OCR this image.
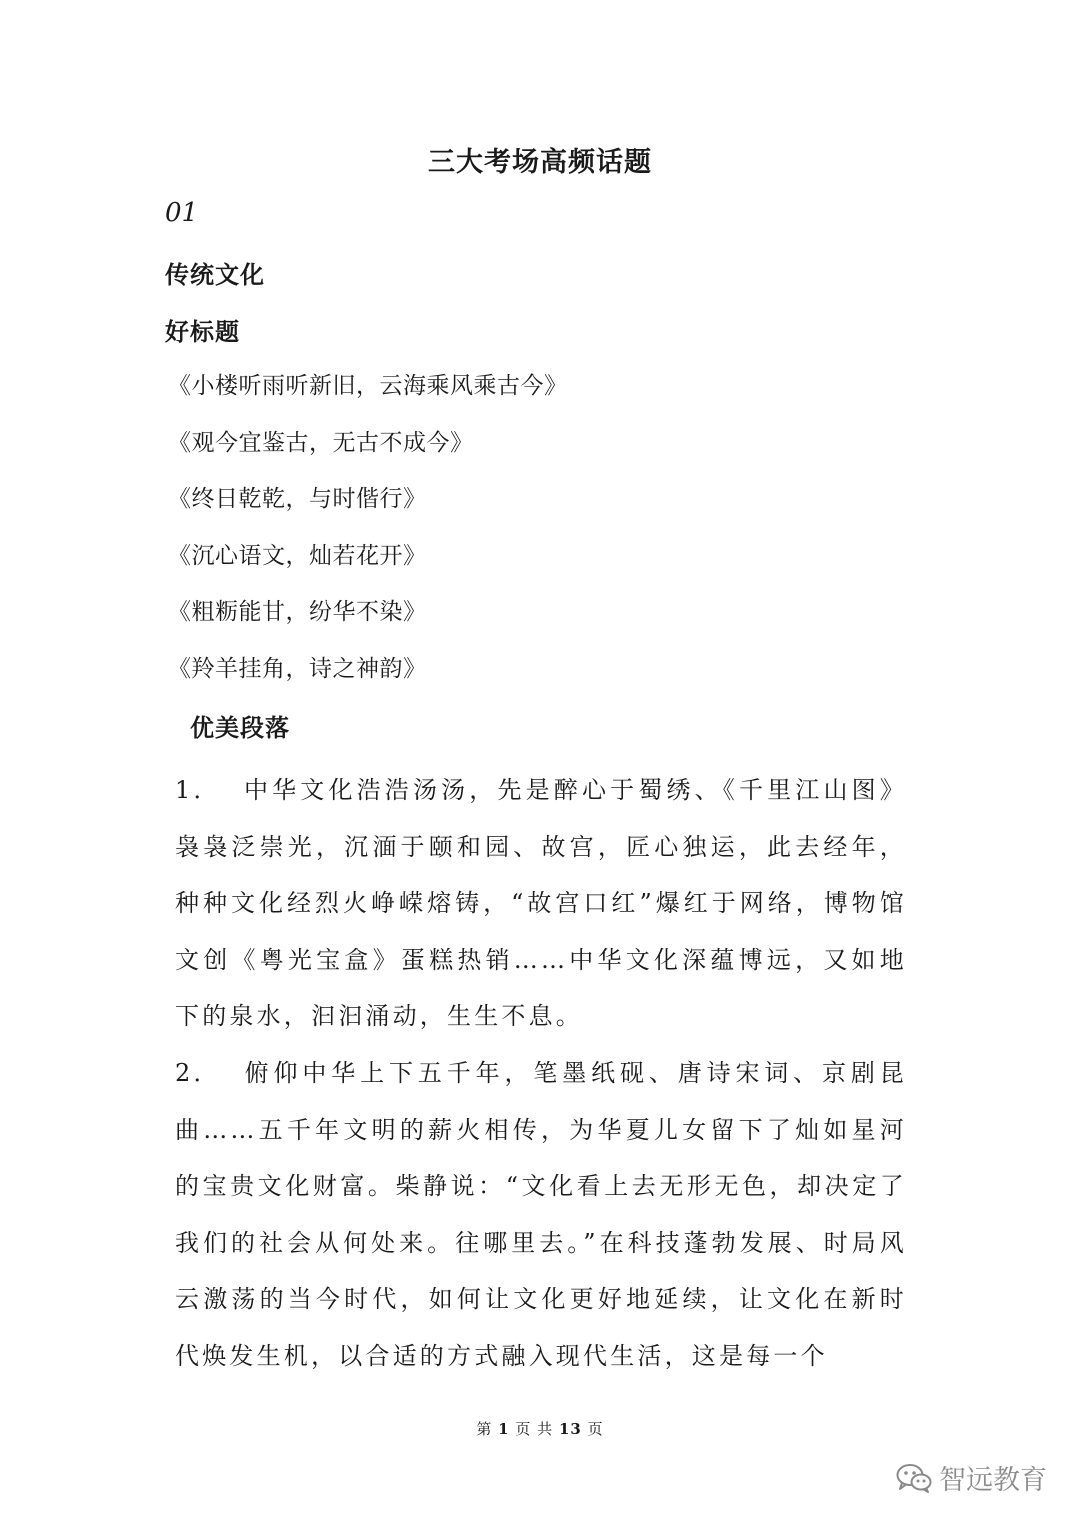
三大考场高频话题
01
传统文化
好标题
《小楼听雨听新旧，云海乘风乘古今》
《观今宜鉴古，无古不成今》
《终日乾乾，与时偕行》
《沉心语文，灿若花开》
《粗粝能甘，纷华不染》
《羚羊挂角，诗之神韵》
优美段落

1． 中华文化浩浩汤汤，先是醉心于蜀绣、《千里江山图》袅袅泛崇光，沉湎于颐和园、故宫，匠心独运，此去经年，种种文化经烈火峥嵘熔铸，“故宫口红”爆红于网络，博物馆文创《粤光宝盒》蛋糕热销……中华文化深蕴博远，又如地下的泉水，汩汩涌动，生生不息。

2． 俯仰中华上下五千年，笔墨纸砚、唐诗宋词、京剧昆曲……五千年文明的薪火相传，为华夏儿女留下了灿如星河的宝贵文化财富。柴静说：“文化看上去无形无色，却决定了我们的社会从何处来。往哪里去。”在科技蓬勃发展、时局风云激荡的当今时代，如何让文化更好地延续，让文化在新时代焕发生机，以合适的方式融入现代生活，这是每一个

第 1 页 共 13 页
智远教育
